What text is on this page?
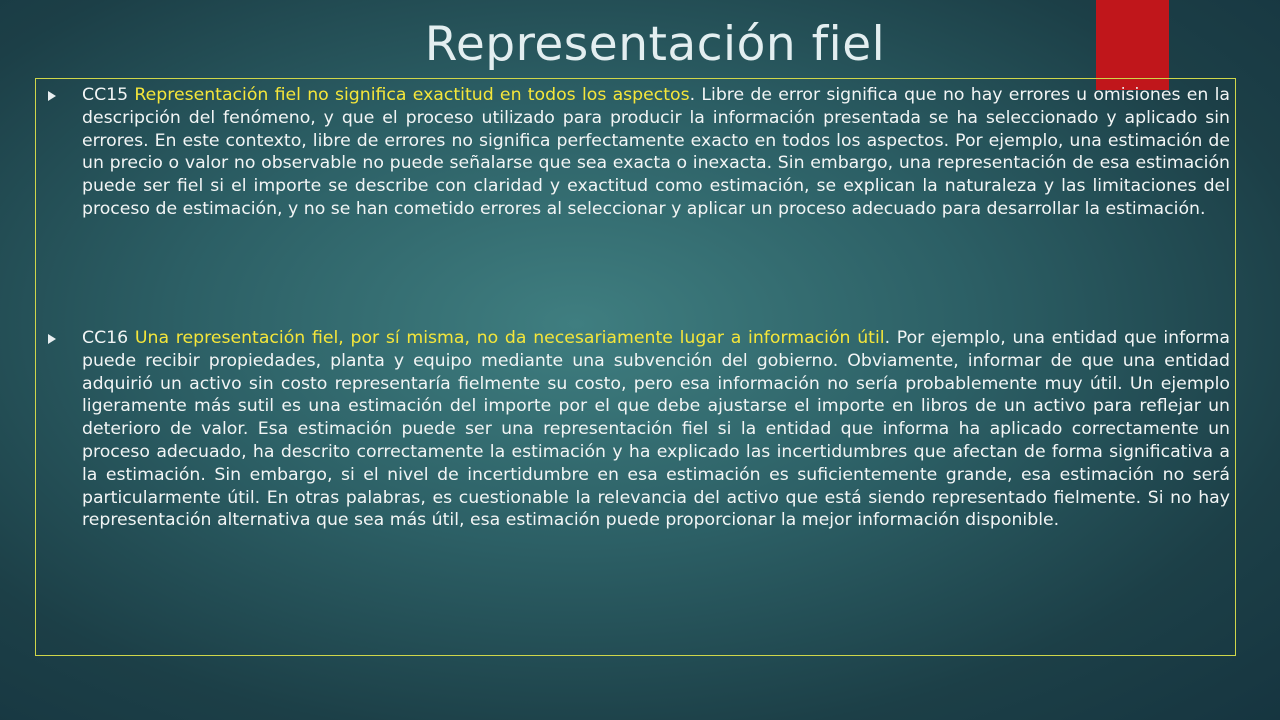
Representación fiel
CC15 Representación fiel no significa exactitud en todos los aspectos. Libre de error significa que no hay errores u omisiones en la descripción del fenómeno, y que el proceso utilizado para producir la información presentada se ha seleccionado y aplicado sin errores. En este contexto, libre de errores no significa perfectamente exacto en todos los aspectos. Por ejemplo, una estimación de un precio o valor no observable no puede señalarse que sea exacta o inexacta. Sin embargo, una representación de esa estimación puede ser fiel si el importe se describe con claridad y exactitud como estimación, se explican la naturaleza y las limitaciones del proceso de estimación, y no se han cometido errores al seleccionar y aplicar un proceso adecuado para desarrollar la estimación.
CC16 Una representación fiel, por sí misma, no da necesariamente lugar a información útil. Por ejemplo, una entidad que informa puede recibir propiedades, planta y equipo mediante una subvención del gobierno. Obviamente, informar de que una entidad adquirió un activo sin costo representaría fielmente su costo, pero esa información no sería probablemente muy útil. Un ejemplo ligeramente más sutil es una estimación del importe por el que debe ajustarse el importe en libros de un activo para reflejar un deterioro de valor. Esa estimación puede ser una representación fiel si la entidad que informa ha aplicado correctamente un proceso adecuado, ha descrito correctamente la estimación y ha explicado las incertidumbres que afectan de forma significativa a la estimación. Sin embargo, si el nivel de incertidumbre en esa estimación es suficientemente grande, esa estimación no será particularmente útil. En otras palabras, es cuestionable la relevancia del activo que está siendo representado fielmente. Si no hay representación alternativa que sea más útil, esa estimación puede proporcionar la mejor información disponible.
